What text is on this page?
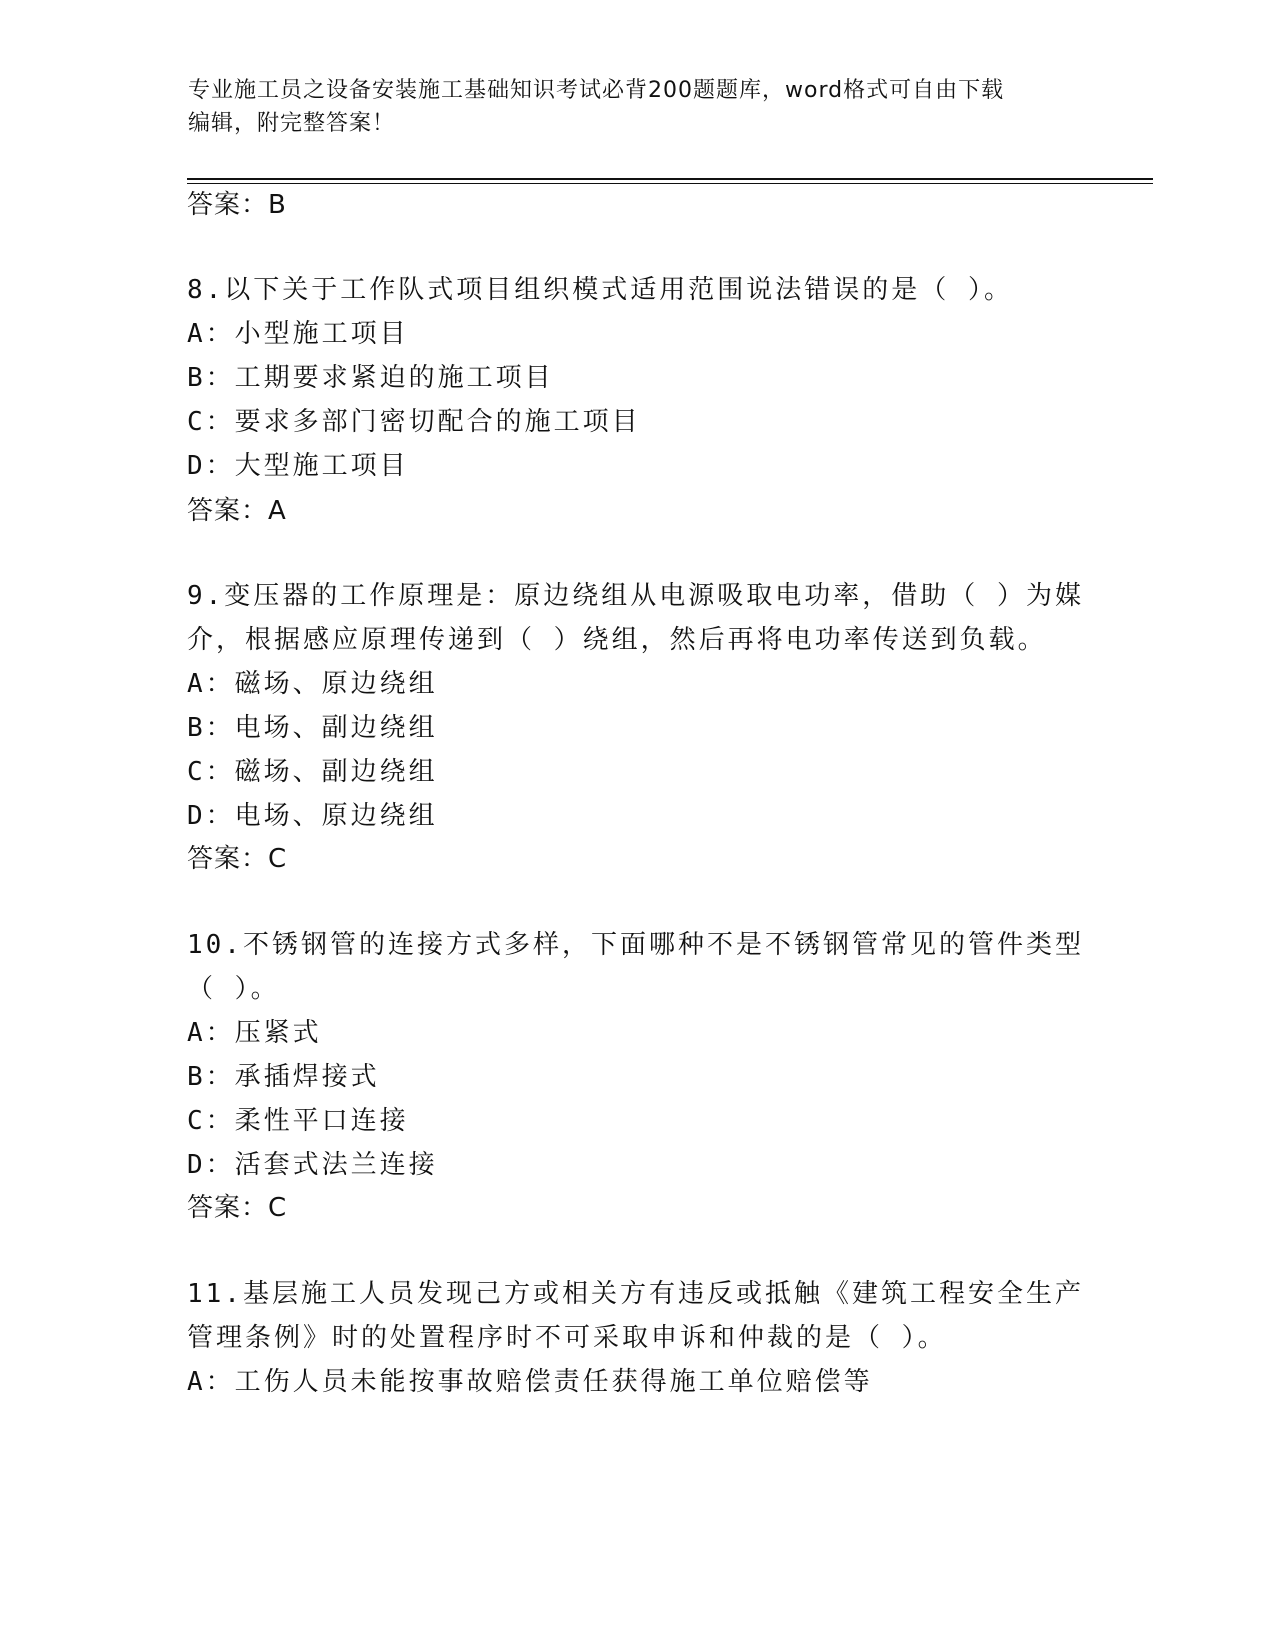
专业施工员之设备安装施工基础知识考试必背200题题库，word格式可自由下载
编辑，附完整答案！
答案：B
8.以下关于工作队式项目组织模式适用范围说法错误的是（ ）。
A：小型施工项目
B：工期要求紧迫的施工项目
C：要求多部门密切配合的施工项目
D：大型施工项目
答案：A
9.变压器的工作原理是：原边绕组从电源吸取电功率，借助（ ）为媒
介，根据感应原理传递到（ ）绕组，然后再将电功率传送到负载。
A：磁场、原边绕组
B：电场、副边绕组
C：磁场、副边绕组
D：电场、原边绕组
答案：C
10.不锈钢管的连接方式多样，下面哪种不是不锈钢管常见的管件类型
（ ）。
A：压紧式
B：承插焊接式
C：柔性平口连接
D：活套式法兰连接
答案：C
11.基层施工人员发现己方或相关方有违反或抵触《建筑工程安全生产
管理条例》时的处置程序时不可采取申诉和仲裁的是（ ）。
A：工伤人员未能按事故赔偿责任获得施工单位赔偿等
